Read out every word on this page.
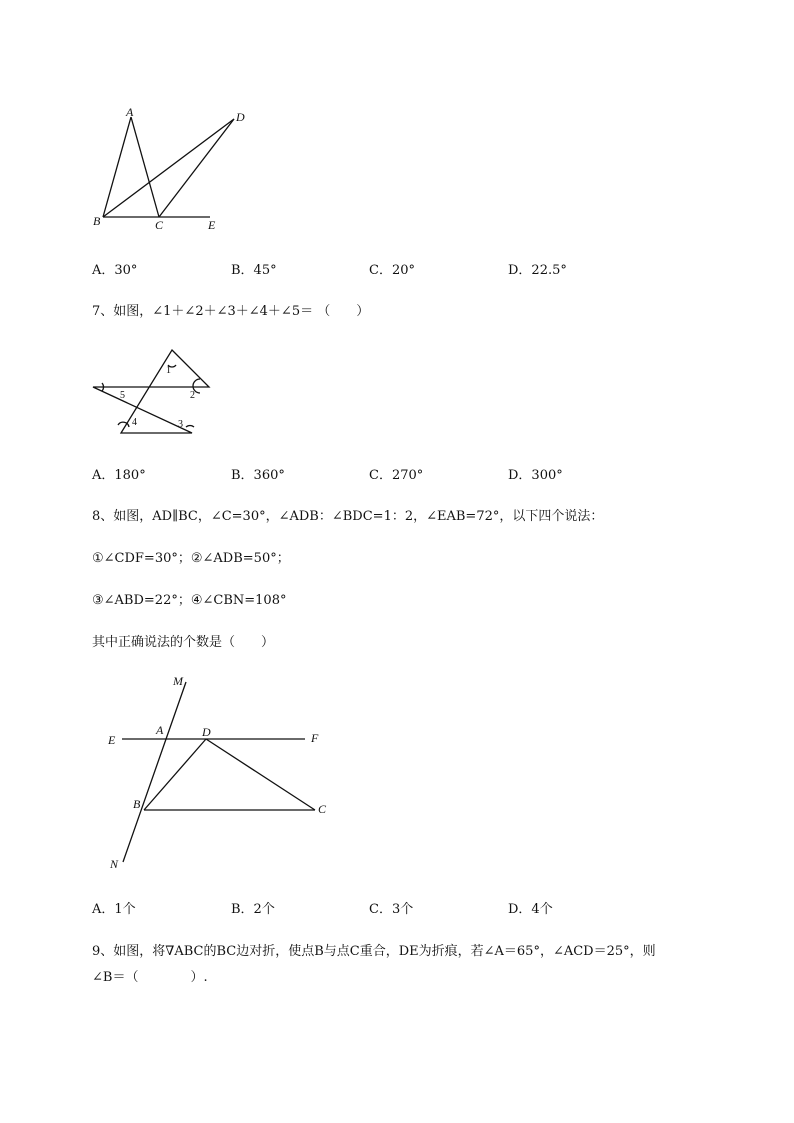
A	D
B	C	E
A．30°	B．45°	C．20°	D．22.5°
7、如图，∠1＋∠2＋∠3＋∠4＋∠5＝ （　　）
1
5	2
4	3
A．180°	B．360°	C．270°	D．300°
8、如图，AD∥BC，∠C=30°，∠ADB：∠BDC=1：2，∠EAB=72°，以下四个说法：
①∠CDF=30°；②∠ADB=50°；
③∠ABD=22°；④∠CBN=108°
其中正确说法的个数是（　　）
M
A	D
E	F
B	C
N
A．1个	B．2个	C．3个	D．4个
9、如图，将∇ABC的BC边对折，使点B与点C重合，DE为折痕，若∠A＝65°，∠ACD＝25°，则
∠B＝（　　　　）.
